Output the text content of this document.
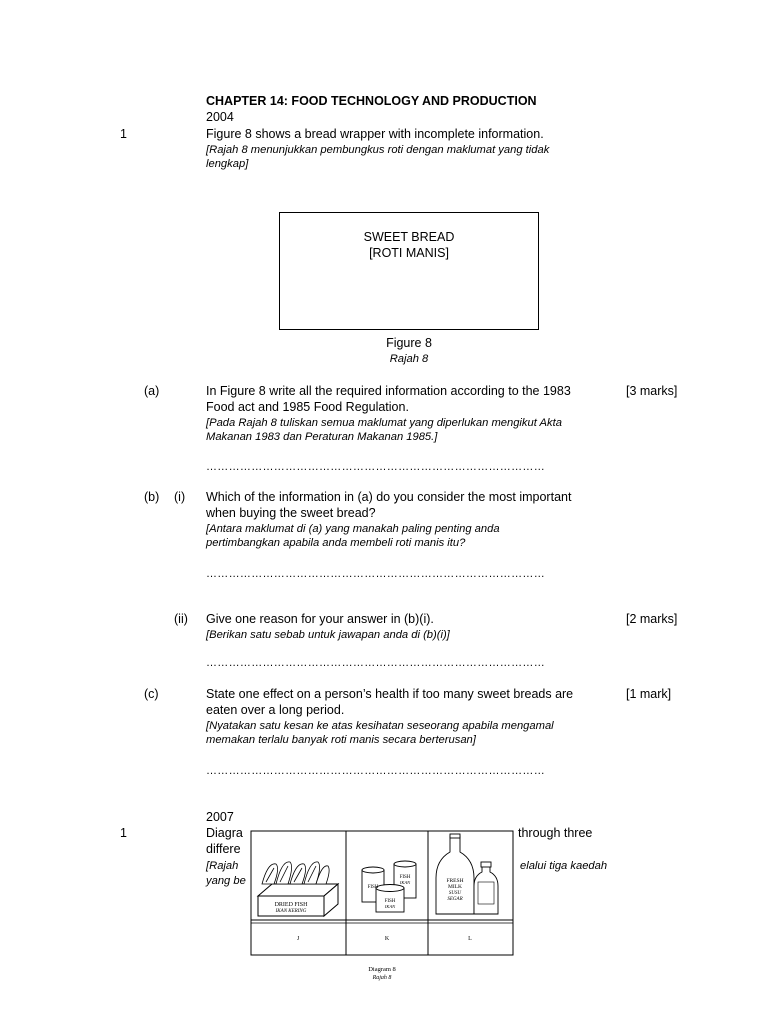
CHAPTER 14: FOOD TECHNOLOGY AND PRODUCTION
2004
1	Figure 8 shows a bread wrapper with incomplete information.
[Rajah 8 menunjukkan pembungkus roti dengan maklumat yang tidak
lengkap]
SWEET BREAD
[ROTI MANIS]
Figure 8
Rajah 8
(a)	In Figure 8 write all the required information according to the 1983
Food act and 1985 Food Regulation.
[Pada Rajah 8 tuliskan semua maklumat yang diperlukan mengikut Akta
Makanan 1983 dan Peraturan Makanan 1985.]
[3 marks]
………………………………………………………………………………
(b) (i) Which of the information in (a) do you consider the most important
when buying the sweet bread?
[Antara maklumat di (a) yang manakah paling penting anda
pertimbangkan apabila anda membeli roti manis itu?
………………………………………………………………………………
(ii) Give one reason for your answer in (b)(i).
[Berikan satu sebab untuk jawapan anda di (b)(i)]
[2 marks]
………………………………………………………………………………
(c)	State one effect on a person’s health if too many sweet breads are
eaten over a long period.
[Nyatakan satu kesan ke atas kesihatan seseorang apabila mengamal
memakan terlalu banyak roti manis secara berterusan]
[1 mark]
………………………………………………………………………………
2007
1	Diagra	through three
differe
[Rajah	elalui tiga kaedah
yang be
DRIED FISH
IKAN KERING
FISH
FISH
IKAN
FISH
IKAN
FRESH
MILK
SUSU
SEGAR
J	K	L
Diagram 8
Rajah 8
